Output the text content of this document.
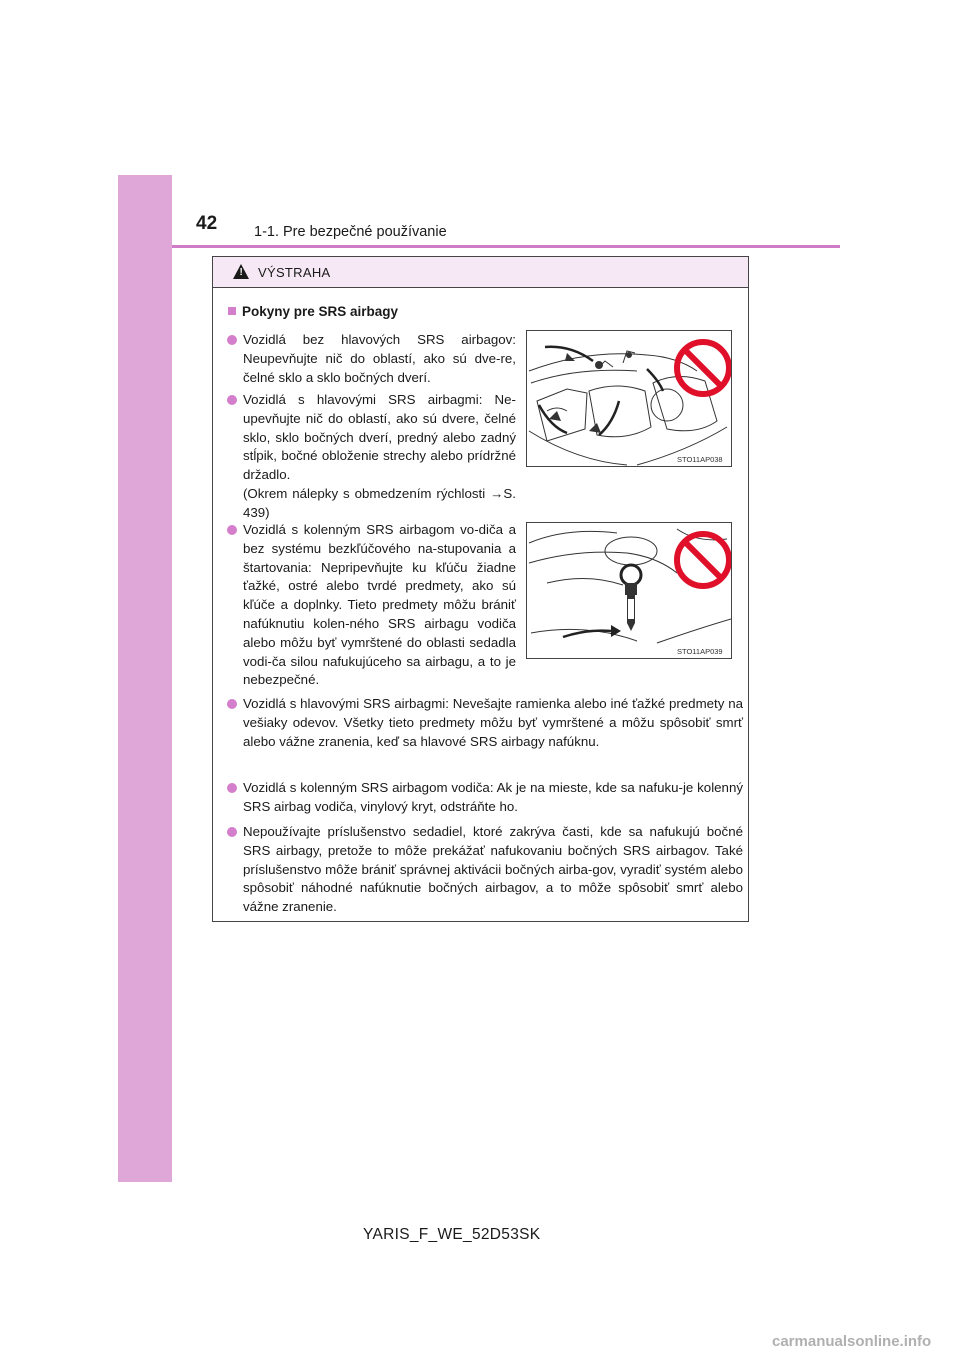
42	1-1. Pre bezpečné používanie
! VÝSTRAHA
Pokyny pre SRS airbagy

Vozidlá bez hlavových SRS airbagov: Neupevňujte nič do oblastí, ako sú dve-re, čelné sklo a sklo bočných dverí.

Vozidlá s hlavovými SRS airbagmi: Ne-upevňujte nič do oblastí, ako sú dvere, čelné sklo, sklo bočných dverí, predný alebo zadný stĺpik, bočné obloženie strechy alebo prídržné držadlo.

(Okrem nálepky s obmedzením rýchlosti →S. 439)

STO11AP038

Vozidlá s kolenným SRS airbagom vo-diča a bez systému bezkľúčového na-stupovania a štartovania: Nepripevňujte ku kľúču žiadne ťažké, ostré alebo tvrdé predmety, ako sú kľúče a doplnky. Tieto predmety môžu brániť nafúknutiu kolen-ného SRS airbagu vodiča alebo môžu byť vymrštené do oblasti sedadla vodi-ča silou nafukujúceho sa airbagu, a to je nebezpečné.

STO11AP039

Vozidlá s hlavovými SRS airbagmi: Nevešajte ramienka alebo iné ťažké predmety na vešiaky odevov. Všetky tieto predmety môžu byť vymrštené a môžu spôsobiť smrť alebo vážne zranenia, keď sa hlavové SRS airbagy nafúknu.

Vozidlá s kolenným SRS airbagom vodiča: Ak je na mieste, kde sa nafuku-je kolenný SRS airbag vodiča, vinylový kryt, odstráňte ho.

Nepoužívajte príslušenstvo sedadiel, ktoré zakrýva časti, kde sa nafukujú bočné SRS airbagy, pretože to môže prekážať nafukovaniu bočných SRS airbagov. Také príslušenstvo môže brániť správnej aktivácii bočných airba-gov, vyradiť systém alebo spôsobiť náhodné nafúknutie bočných airbagov, a to môže spôsobiť smrť alebo vážne zranenie.

YARIS_F_WE_52D53SK
carmanualsonline.info
